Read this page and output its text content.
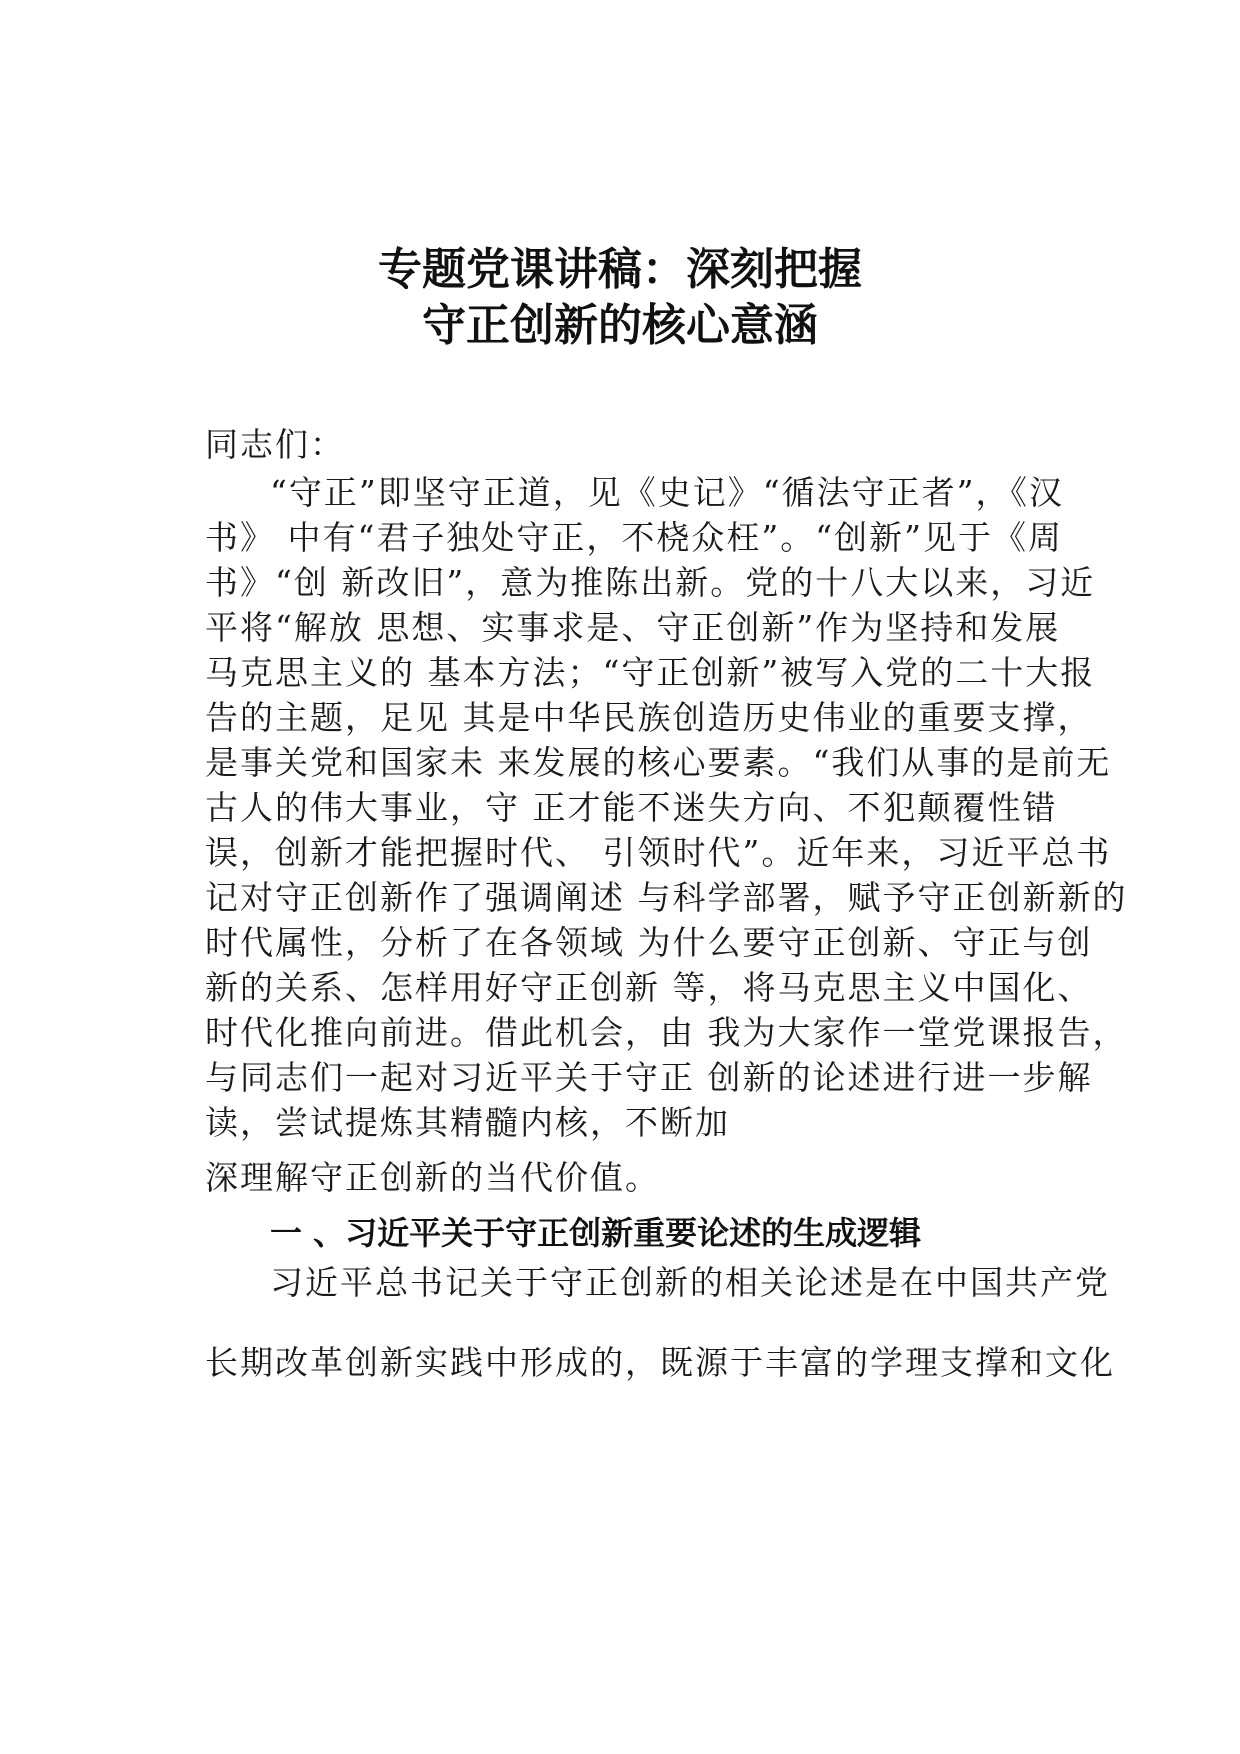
专题党课讲稿：深刻把握
守正创新的核心意涵
同志们：
“守正”即坚守正道，见《史记》“循法守正者”，《汉
书》 中有“君子独处守正，不桡众枉”。“创新”见于《周
书》“创 新改旧”，意为推陈出新。党的十八大以来，习近
平将“解放 思想、实事求是、守正创新”作为坚持和发展
马克思主义的 基本方法；“守正创新”被写入党的二十大报
告的主题，足见 其是中华民族创造历史伟业的重要支撑，
是事关党和国家未 来发展的核心要素。“我们从事的是前无
古人的伟大事业，守 正才能不迷失方向、不犯颠覆性错
误，创新才能把握时代、 引领时代”。近年来，习近平总书
记对守正创新作了强调阐述 与科学部署，赋予守正创新新的
时代属性，分析了在各领域 为什么要守正创新、守正与创
新的关系、怎样用好守正创新 等，将马克思主义中国化、
时代化推向前进。借此机会，由 我为大家作一堂党课报告，
与同志们一起对习近平关于守正 创新的论述进行进一步解
读，尝试提炼其精髓内核，不断加
深理解守正创新的当代价值。
一 、习近平关于守正创新重要论述的生成逻辑
习近平总书记关于守正创新的相关论述是在中国共产党
长期改革创新实践中形成的，既源于丰富的学理支撑和文化
